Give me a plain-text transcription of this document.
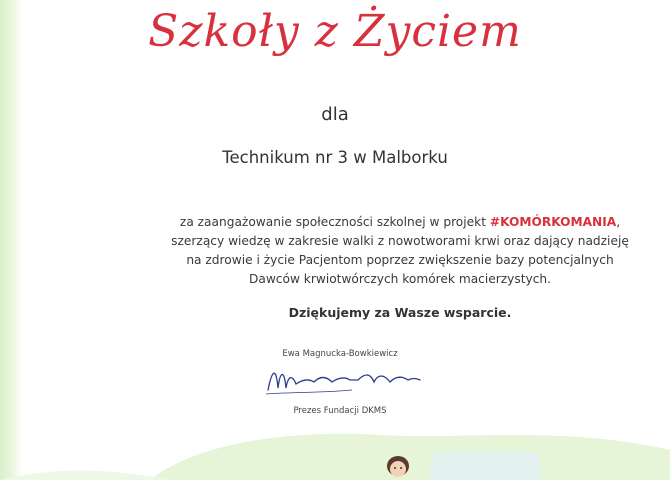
Szkoły z Życiem
dla
Technikum nr 3 w Malborku
za zaangażowanie społeczności szkolnej w projekt #KOMÓRKOMANIA,
szerzący wiedzę w zakresie walki z nowotworami krwi oraz dający nadzieję
na zdrowie i życie Pacjentom poprzez zwiększenie bazy potencjalnych
Dawców krwiotwórczych komórek macierzystych.
Dziękujemy za Wasze wsparcie.
Ewa Magnucka-Bowkiewicz
Prezes Fundacji DKMS
